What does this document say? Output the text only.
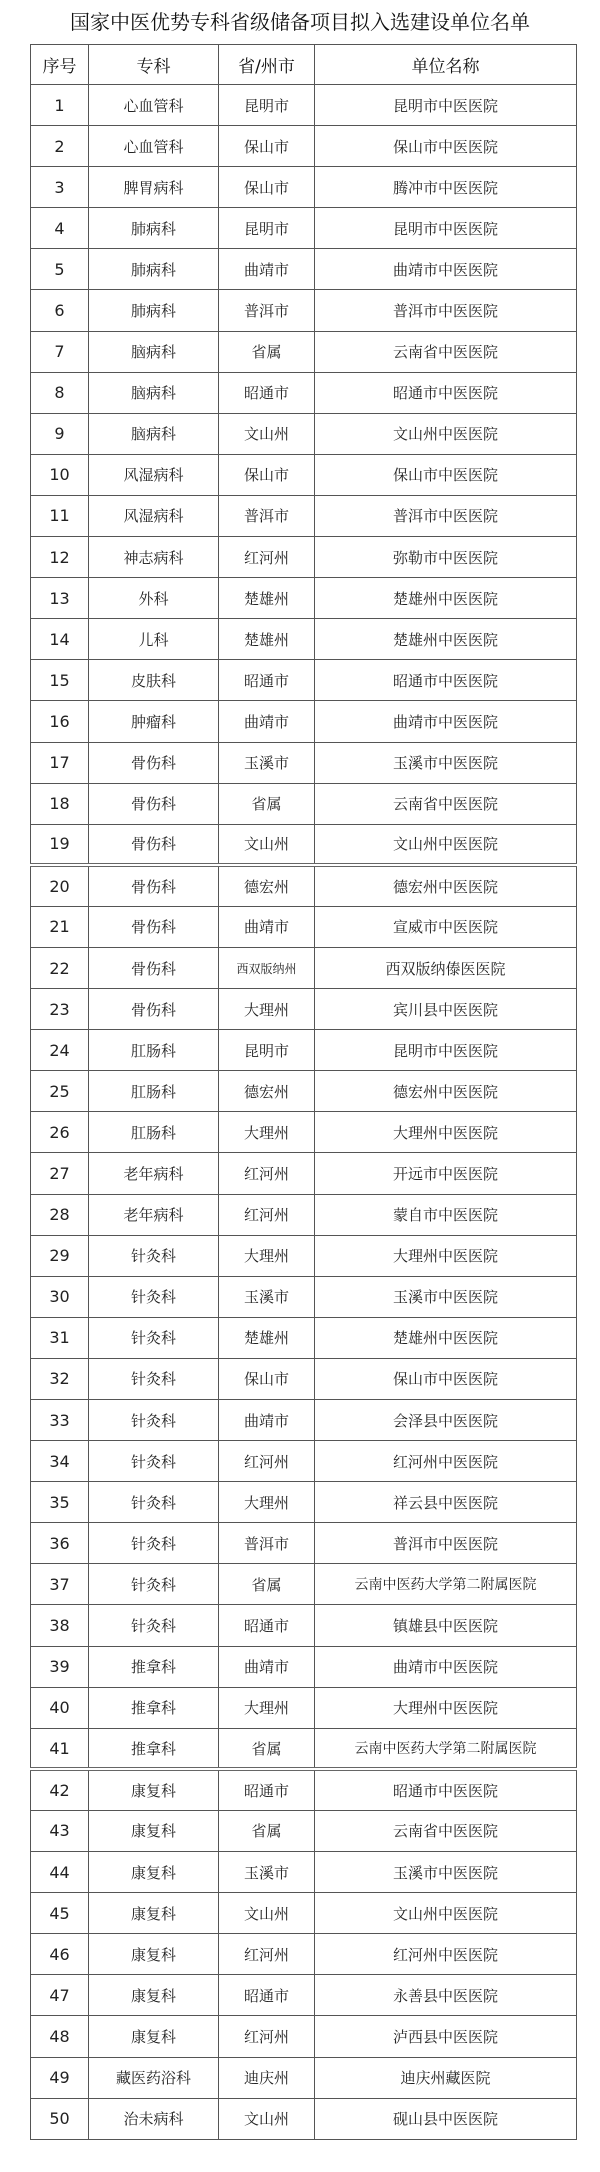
国家中医优势专科省级储备项目拟入选建设单位名单
序号	专科	省/州市	单位名称
1	心血管科	昆明市	昆明市中医医院
2	心血管科	保山市	保山市中医医院
3	脾胃病科	保山市	腾冲市中医医院
4	肺病科	昆明市	昆明市中医医院
5	肺病科	曲靖市	曲靖市中医医院
6	肺病科	普洱市	普洱市中医医院
7	脑病科	省属	云南省中医医院
8	脑病科	昭通市	昭通市中医医院
9	脑病科	文山州	文山州中医医院
10	风湿病科	保山市	保山市中医医院
11	风湿病科	普洱市	普洱市中医医院
12	神志病科	红河州	弥勒市中医医院
13	外科	楚雄州	楚雄州中医医院
14	儿科	楚雄州	楚雄州中医医院
15	皮肤科	昭通市	昭通市中医医院
16	肿瘤科	曲靖市	曲靖市中医医院
17	骨伤科	玉溪市	玉溪市中医医院
18	骨伤科	省属	云南省中医医院
19	骨伤科	文山州	文山州中医医院
20	骨伤科	德宏州	德宏州中医医院
21	骨伤科	曲靖市	宣威市中医医院
22	骨伤科	西双版纳州	西双版纳傣医医院
23	骨伤科	大理州	宾川县中医医院
24	肛肠科	昆明市	昆明市中医医院
25	肛肠科	德宏州	德宏州中医医院
26	肛肠科	大理州	大理州中医医院
27	老年病科	红河州	开远市中医医院
28	老年病科	红河州	蒙自市中医医院
29	针灸科	大理州	大理州中医医院
30	针灸科	玉溪市	玉溪市中医医院
31	针灸科	楚雄州	楚雄州中医医院
32	针灸科	保山市	保山市中医医院
33	针灸科	曲靖市	会泽县中医医院
34	针灸科	红河州	红河州中医医院
35	针灸科	大理州	祥云县中医医院
36	针灸科	普洱市	普洱市中医医院
37	针灸科	省属	云南中医药大学第二附属医院
38	针灸科	昭通市	镇雄县中医医院
39	推拿科	曲靖市	曲靖市中医医院
40	推拿科	大理州	大理州中医医院
41	推拿科	省属	云南中医药大学第二附属医院
42	康复科	昭通市	昭通市中医医院
43	康复科	省属	云南省中医医院
44	康复科	玉溪市	玉溪市中医医院
45	康复科	文山州	文山州中医医院
46	康复科	红河州	红河州中医医院
47	康复科	昭通市	永善县中医医院
48	康复科	红河州	泸西县中医医院
49	藏医药浴科	迪庆州	迪庆州藏医院
50	治未病科	文山州	砚山县中医医院
